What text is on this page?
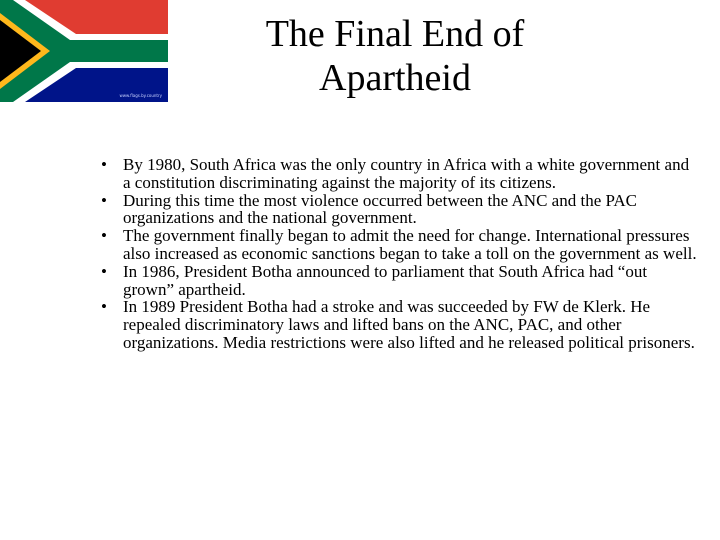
www.flags.by.country
The Final End of
Apartheid
• By 1980, South Africa was the only country in Africa with a white government and a constitution discriminating against the majority of its citizens.
• During this time the most violence occurred between the ANC and the PAC organizations and the national government.
• The government finally began to admit the need for change. International pressures also increased as economic sanctions began to take a toll on the government as well.
• In 1986, President Botha announced to parliament that South Africa had “out grown” apartheid.
• In 1989 President Botha had a stroke and was succeeded by FW de Klerk. He repealed discriminatory laws and lifted bans on the ANC, PAC, and other organizations. Media restrictions were also lifted and he released political prisoners.
